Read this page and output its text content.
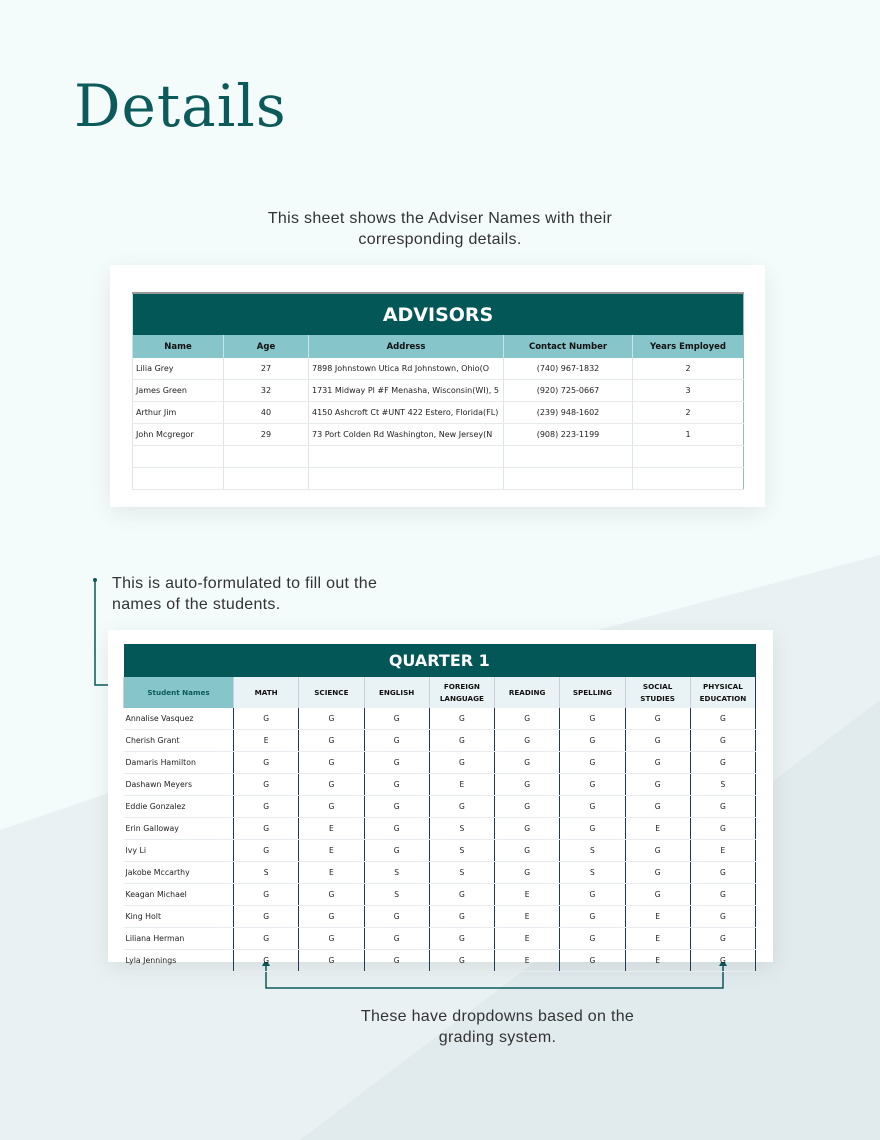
Details
This sheet shows the Adviser Names with their corresponding details.
This is auto-formulated to fill out the names of the students.
These have dropdowns based on the grading system.
ADVISORS				
Name	Age	Address	Contact Number	Years Employed
Lilia Grey	27	7898 Johnstown Utica Rd Johnstown, Ohio(O	(740) 967-1832	2
James Green	32	1731 Midway Pl #F Menasha, Wisconsin(WI), 5	(920) 725-0667	3
Arthur Jim	40	4150 Ashcroft Ct #UNT 422 Estero, Florida(FL)	(239) 948-1602	2
John Mcgregor	29	73 Port Colden Rd Washington, New Jersey(N	(908) 223-1199	1

QUARTER 1								
Student Names	MATH	SCIENCE	ENGLISH	FOREIGN LANGUAGE	READING	SPELLING	SOCIAL STUDIES	PHYSICAL EDUCATION
Annalise Vasquez	G	G	G	G	G	G	G	G
Cherish Grant	E	G	G	G	G	G	G	G
Damaris Hamilton	G	G	G	G	G	G	G	G
Dashawn Meyers	G	G	G	E	G	G	G	S
Eddie Gonzalez	G	G	G	G	G	G	G	G
Erin Galloway	G	E	G	S	G	G	E	G
Ivy Li	G	E	G	S	G	S	G	E
Jakobe Mccarthy	S	E	S	S	G	S	G	G
Keagan Michael	G	G	S	G	E	G	G	G
King Holt	G	G	G	G	E	G	E	G
Liliana Herman	G	G	G	G	E	G	E	G
Lyla Jennings	G	G	G	G	E	G	E	G
